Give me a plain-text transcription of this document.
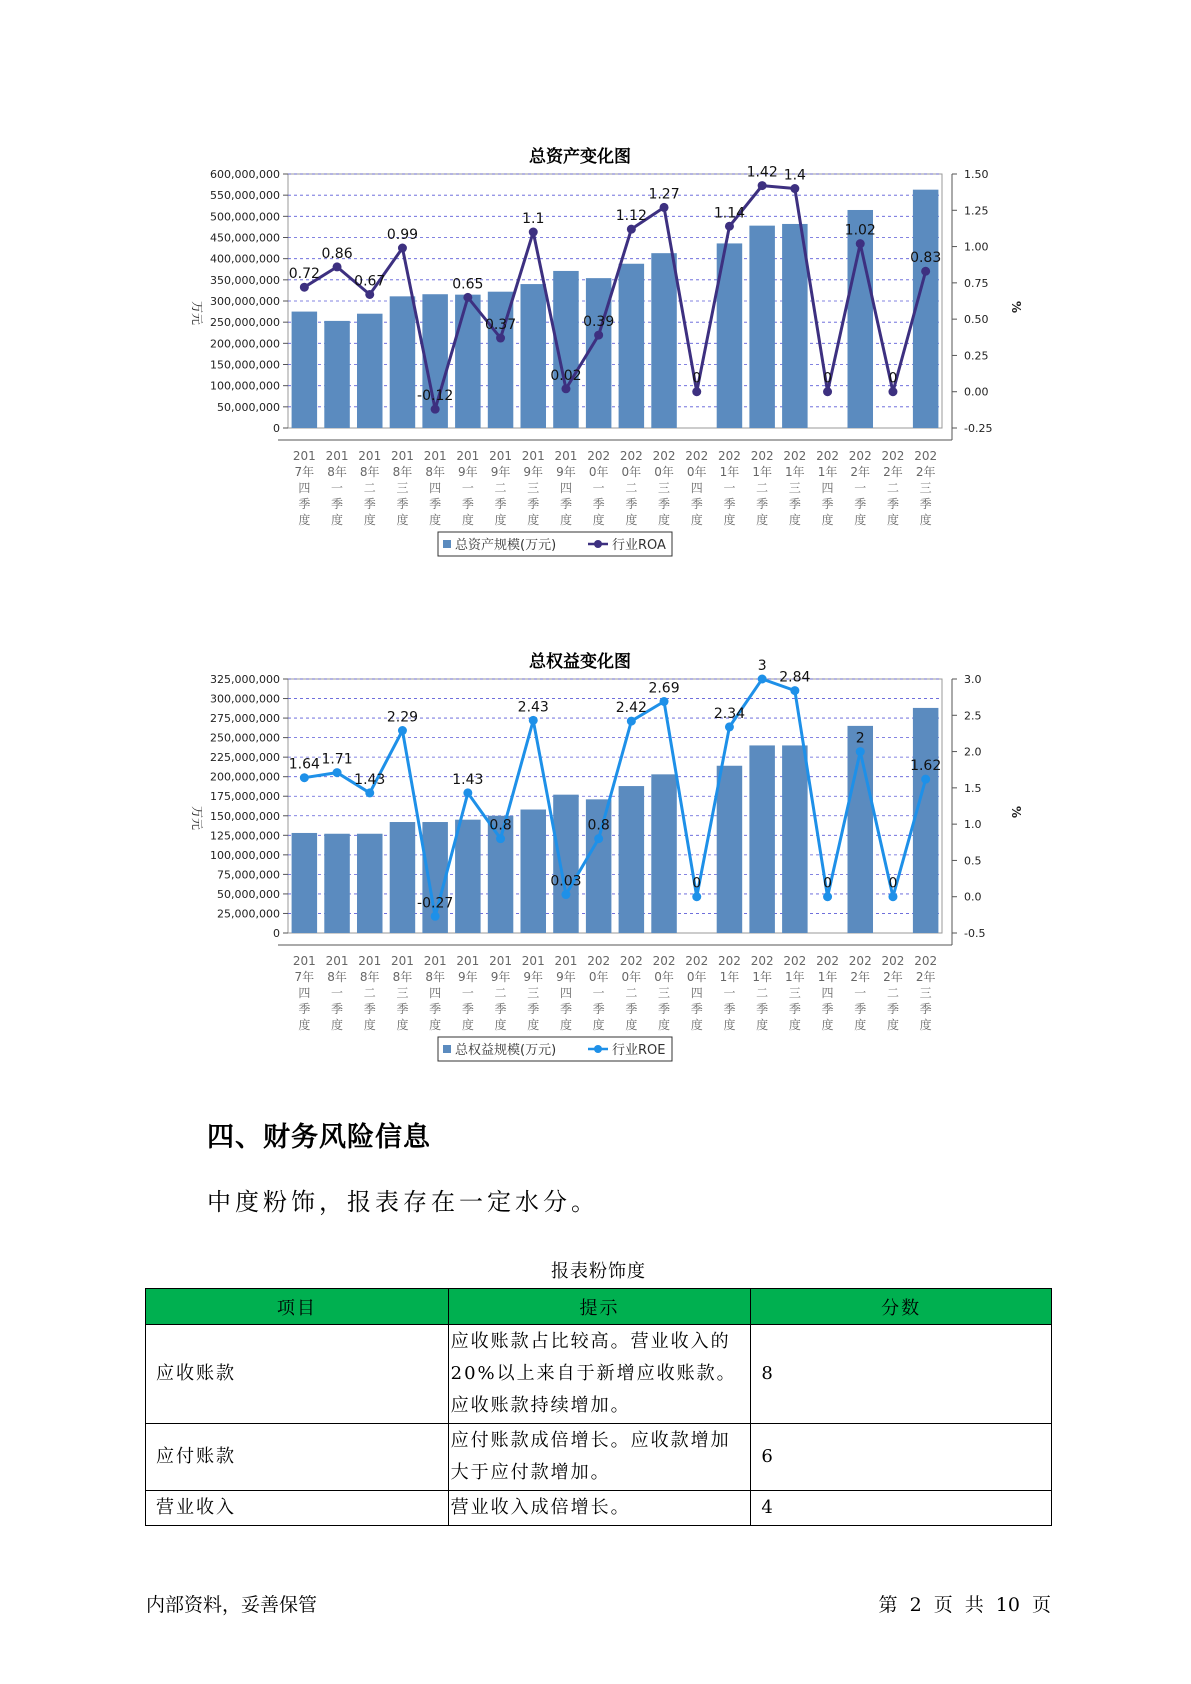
总资产变化图
0
50,000,000
100,000,000
150,000,000
200,000,000
250,000,000
300,000,000
350,000,000
400,000,000
450,000,000
500,000,000
550,000,000
600,000,000
-0.25
0.00
0.25
0.50
0.75
1.00
1.25
1.50
万元	%
201
7年
四
季
度
201
8年
一
季
度
201
8年
二
季
度
201
8年
三
季
度
201
8年
四
季
度
201
9年
一
季
度
201
9年
二
季
度
201
9年
三
季
度
201
9年
四
季
度
202
0年
一
季
度
202
0年
二
季
度
202
0年
三
季
度
202
0年
四
季
度
202
1年
一
季
度
202
1年
二
季
度
202
1年
三
季
度
202
1年
四
季
度
202
2年
一
季
度
202
2年
二
季
度
202
2年
三
季
度
0.72
0.86
0.67
0.99
-0.12
0.65
0.37
1.1
0.02
0.39
1.12
1.27
0
1.14
1.42 1.4
0
1.02
0
0.83
总资产规模(万元)	行业ROA
总权益变化图
0
25,000,000
50,000,000
75,000,000
100,000,000
125,000,000
150,000,000
175,000,000
200,000,000
225,000,000
250,000,000
275,000,000
300,000,000
325,000,000
-0.5
0.0
0.5
1.0
1.5
2.0
2.5
3.0
万元	%
201
7年
四
季
度
201
8年
一
季
度
201
8年
二
季
度
201
8年
三
季
度
201
8年
四
季
度
201
9年
一
季
度
201
9年
二
季
度
201
9年
三
季
度
201
9年
四
季
度
202
0年
一
季
度
202
0年
二
季
度
202
0年
三
季
度
202
0年
四
季
度
202
1年
一
季
度
202
1年
二
季
度
202
1年
三
季
度
202
1年
四
季
度
202
2年
一
季
度
202
2年
二
季
度
202
2年
三
季
度
1.64 1.71
1.43
2.29
-0.27
1.43
0.8
2.43
0.03
0.8
2.42
2.69
0
2.34
3
2.84
0
2
0
1.62
总权益规模(万元)	行业ROE
四、财务风险信息
中度粉饰，报表存在一定水分。
报表粉饰度
项目	提示	分数
应收账款	应收账款占比较高。营业收入的20%以上来自于新增应收账款。应收账款持续增加。	8
应付账款	应付账款成倍增长。应收款增加大于应付款增加。	6
营业收入	营业收入成倍增长。	4
内部资料，妥善保管	第 2 页 共 10 页
